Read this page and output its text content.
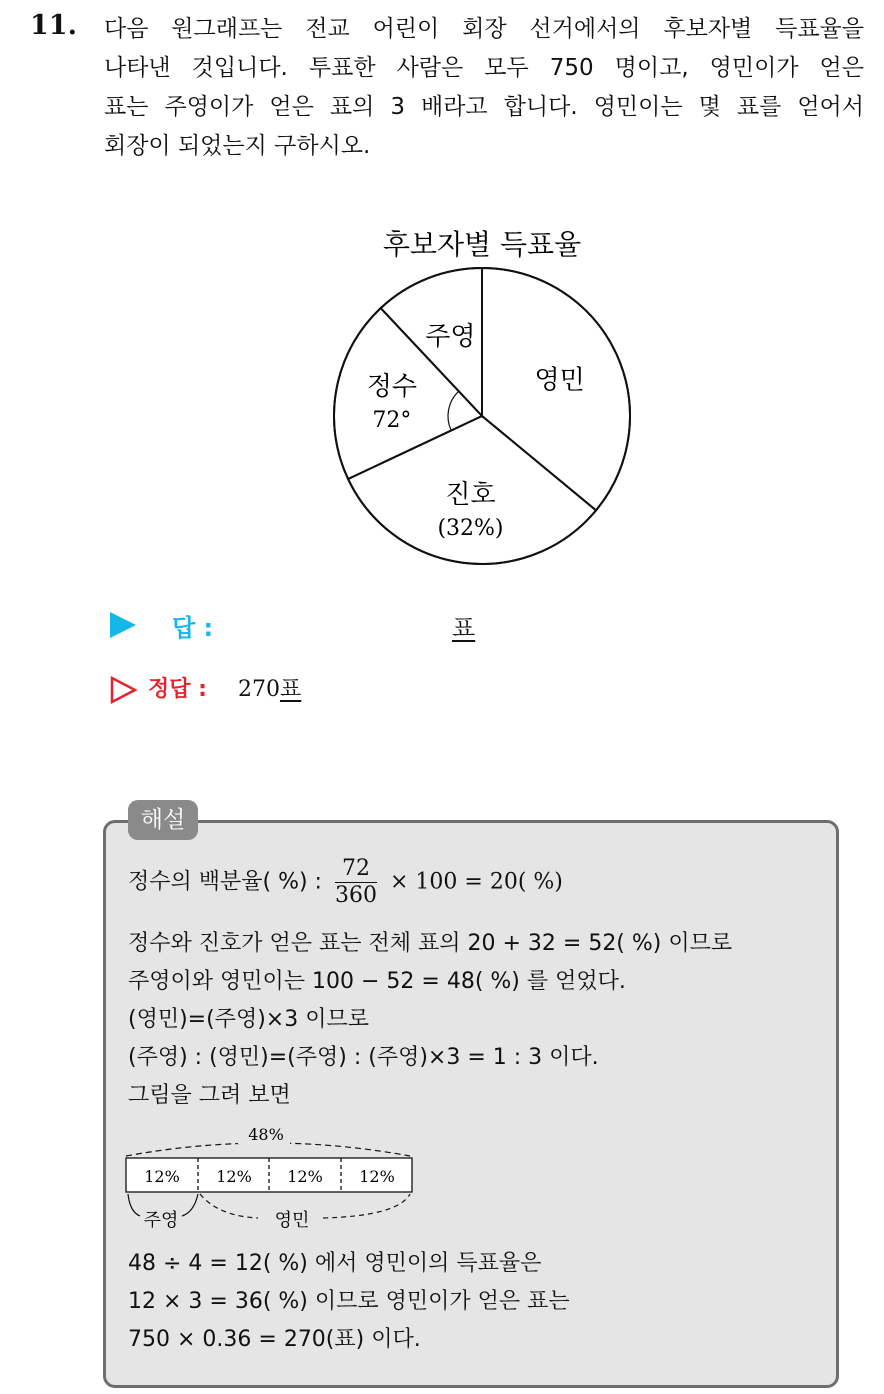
11. 다음 원그래프는 전교 어린이 회장 선거에서의 후보자별 득표율을
나타낸 것입니다. 투표한 사람은 모두 750 명이고, 영민이가 얻은
표는 주영이가 얻은 표의 3 배라고 합니다. 영민이는 몇 표를 얻어서
회장이 되었는지 구하시오.
후보자별 득표율
영민
진호
(32%)
정수
72°
주영
답 :	표
정답 : 270표
해설
정수의 백분율( %) : $\frac{72}{360} \times 100 = 20$( %)
정수와 진호가 얻은 표는 전체 표의 20 + 32 = 52( %) 이므로
주영이와 영민이는 100 − 52 = 48( %) 를 얻었다.
(영민)=(주영)×3 이므로
(주영) : (영민)=(주영) : (주영)×3 = 1 : 3 이다.
그림을 그려 보면
48%
12% 12% 12% 12%
주영	영민
48 ÷ 4 = 12( %) 에서 영민이의 득표율은
12 × 3 = 36( %) 이므로 영민이가 얻은 표는
750 × 0.36 = 270(표) 이다.
